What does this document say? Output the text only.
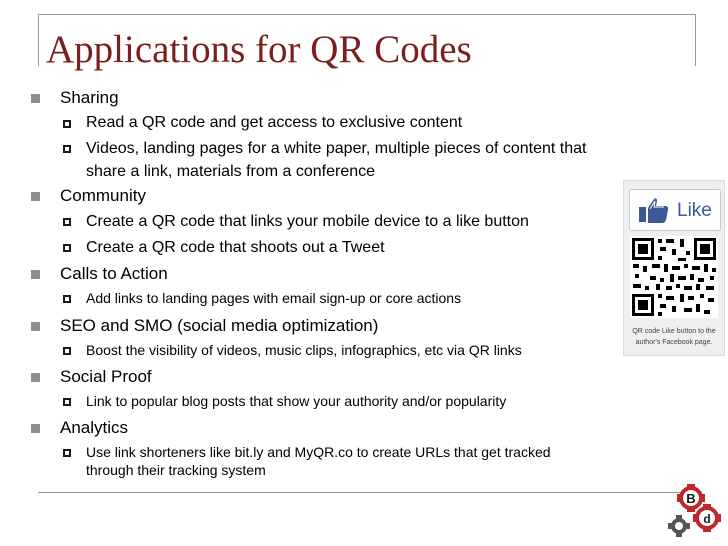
Applications for QR Codes
Sharing
Read a QR code and get access to exclusive content
Videos, landing pages for a white paper, multiple pieces of content that
share a link, materials from a conference
Community
Create a QR code that links your mobile device to a like button
Create a QR code that shoots out a Tweet
Calls to Action
Add links to landing pages with email sign-up or core actions
SEO and SMO (social media optimization)
Boost the visibility of videos, music clips, infographics, etc via QR links
Social Proof
Link to popular blog posts that show your authority and/or popularity
Analytics
Use link shorteners like bit.ly and MyQR.co to create URLs that get tracked
through their tracking system
Like
QR code Like button to the
author's Facebook page.
B
d
